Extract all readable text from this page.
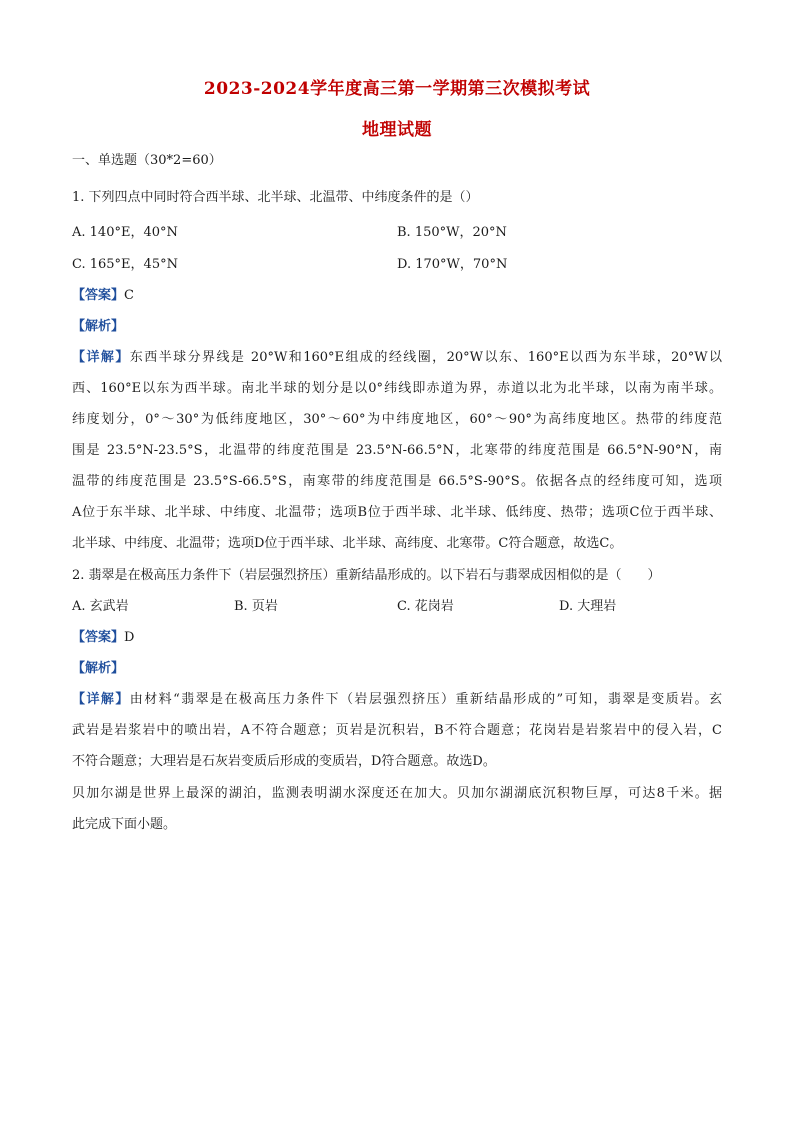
2023-2024学年度高三第一学期第三次模拟考试
地理试题
一、单选题（30*2=60）
1. 下列四点中同时符合西半球、北半球、北温带、中纬度条件的是（）
A. 140°E，40°N	B. 150°W，20°N
C. 165°E，45°N	D. 170°W，70°N
【答案】C
【解析】
【详解】东西半球分界线是 20°W和160°E组成的经线圈，20°W以东、160°E以西为东半球，20°W以
西、160°E以东为西半球。南北半球的划分是以0°纬线即赤道为界，赤道以北为北半球，以南为南半球。
纬度划分，0°～30°为低纬度地区，30°～60°为中纬度地区，60°～90°为高纬度地区。热带的纬度范
围是 23.5°N-23.5°S，北温带的纬度范围是 23.5°N-66.5°N，北寒带的纬度范围是 66.5°N-90°N，南
温带的纬度范围是 23.5°S-66.5°S，南寒带的纬度范围是 66.5°S-90°S。依据各点的经纬度可知，选项
A位于东半球、北半球、中纬度、北温带；选项B位于西半球、北半球、低纬度、热带；选项C位于西半球、
北半球、中纬度、北温带；选项D位于西半球、北半球、高纬度、北寒带。C符合题意，故选C。
2. 翡翠是在极高压力条件下（岩层强烈挤压）重新结晶形成的。以下岩石与翡翠成因相似的是（　　）
A. 玄武岩	B. 页岩	C. 花岗岩	D. 大理岩
【答案】D
【解析】
【详解】由材料“翡翠是在极高压力条件下（岩层强烈挤压）重新结晶形成的”可知，翡翠是变质岩。玄
武岩是岩浆岩中的喷出岩，A不符合题意；页岩是沉积岩，B不符合题意；花岗岩是岩浆岩中的侵入岩，C
不符合题意；大理岩是石灰岩变质后形成的变质岩，D符合题意。故选D。
贝加尔湖是世界上最深的湖泊，监测表明湖水深度还在加大。贝加尔湖湖底沉积物巨厚，可达8千米。据
此完成下面小题。
